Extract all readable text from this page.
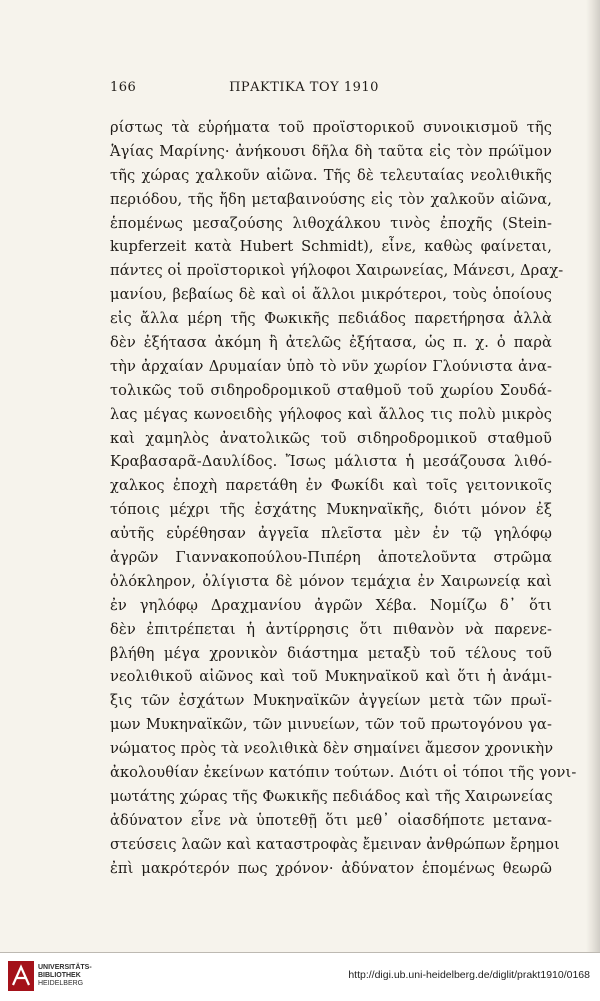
166	ΠΡΑΚΤΙΚΑ ΤΟΥ 1910
ρίστως τὰ εὑρήματα τοῦ προϊστορικοῦ συνοικισμοῦ τῆς
Ἁγίας Μαρίνης· ἀνήκουσι δῆλα δὴ ταῦτα εἰς τὸν πρώϊμον
τῆς χώρας χαλκοῦν αἰῶνα. Τῆς δὲ τελευταίας νεολιθικῆς
περιόδου, τῆς ἤδη μεταβαινούσης εἰς τὸν χαλκοῦν αἰῶνα,
ἑπομένως μεσαζούσης λιθοχάλκου τινὸς ἐποχῆς (Stein-
kupferzeit κατὰ Hubert Schmidt), εἶνε, καθὼς φαίνεται,
πάντες οἱ προϊστορικοὶ γήλοφοι Χαιρωνείας, Μάνεσι, Δραχ-
μανίου, βεβαίως δὲ καὶ οἱ ἄλλοι μικρότεροι, τοὺς ὁποίους
εἰς ἄλλα μέρη τῆς Φωκικῆς πεδιάδος παρετήρησα ἀλλὰ
δὲν ἐξήτασα ἀκόμη ἢ ἀτελῶς ἐξήτασα, ὡς π. χ. ὁ παρὰ
τὴν ἀρχαίαν Δρυμαίαν ὑπὸ τὸ νῦν χωρίον Γλούνιστα ἀνα-
τολικῶς τοῦ σιδηροδρομικοῦ σταθμοῦ τοῦ χωρίου Σουδά-
λας μέγας κωνοειδὴς γήλοφος καὶ ἄλλος τις πολὺ μικρὸς
καὶ χαμηλὸς ἀνατολικῶς τοῦ σιδηροδρομικοῦ σταθμοῦ
Κραβασαρᾶ-Δαυλίδος. Ἴσως μάλιστα ἡ μεσάζουσα λιθό-
χαλκος ἐποχὴ παρετάθη ἐν Φωκίδι καὶ τοῖς γειτονικοῖς
τόποις μέχρι τῆς ἐσχάτης Μυκηναϊκῆς, διότι μόνον ἐξ
αὐτῆς εὑρέθησαν ἀγγεῖα πλεῖστα μὲν ἐν τῷ γηλόφῳ
ἀγρῶν Γιαννακοπούλου-Πιπέρη ἀποτελοῦντα στρῶμα
ὁλόκληρον, ὀλίγιστα δὲ μόνον τεμάχια ἐν Χαιρωνείᾳ καὶ
ἐν γηλόφῳ Δραχμανίου ἀγρῶν Χέβα. Νομίζω δ᾽ ὅτι
δὲν ἐπιτρέπεται ἡ ἀντίρρησις ὅτι πιθανὸν νὰ παρενε-
βλήθη μέγα χρονικὸν διάστημα μεταξὺ τοῦ τέλους τοῦ
νεολιθικοῦ αἰῶνος καὶ τοῦ Μυκηναϊκοῦ καὶ ὅτι ἡ ἀνάμι-
ξις τῶν ἐσχάτων Μυκηναϊκῶν ἀγγείων μετὰ τῶν πρωϊ-
μων Μυκηναϊκῶν, τῶν μινυείων, τῶν τοῦ πρωτογόνου γα-
νώματος πρὸς τὰ νεολιθικὰ δὲν σημαίνει ἄμεσον χρονικὴν
ἀκολουθίαν ἐκείνων κατόπιν τούτων. Διότι οἱ τόποι τῆς γονι-
μωτάτης χώρας τῆς Φωκικῆς πεδιάδος καὶ τῆς Χαιρωνείας
ἀδύνατον εἶνε νὰ ὑποτεθῇ ὅτι μεθ᾽ οἱασδήποτε μετανα-
στεύσεις λαῶν καὶ καταστροφὰς ἔμειναν ἀνθρώπων ἔρημοι
ἐπὶ μακρότερόν πως χρόνον· ἀδύνατον ἑπομένως θεωρῶ
UNIVERSITÄTS-
BIBLIOTHEK
HEIDELBERG
http://digi.ub.uni-heidelberg.de/diglit/prakt1910/0168
